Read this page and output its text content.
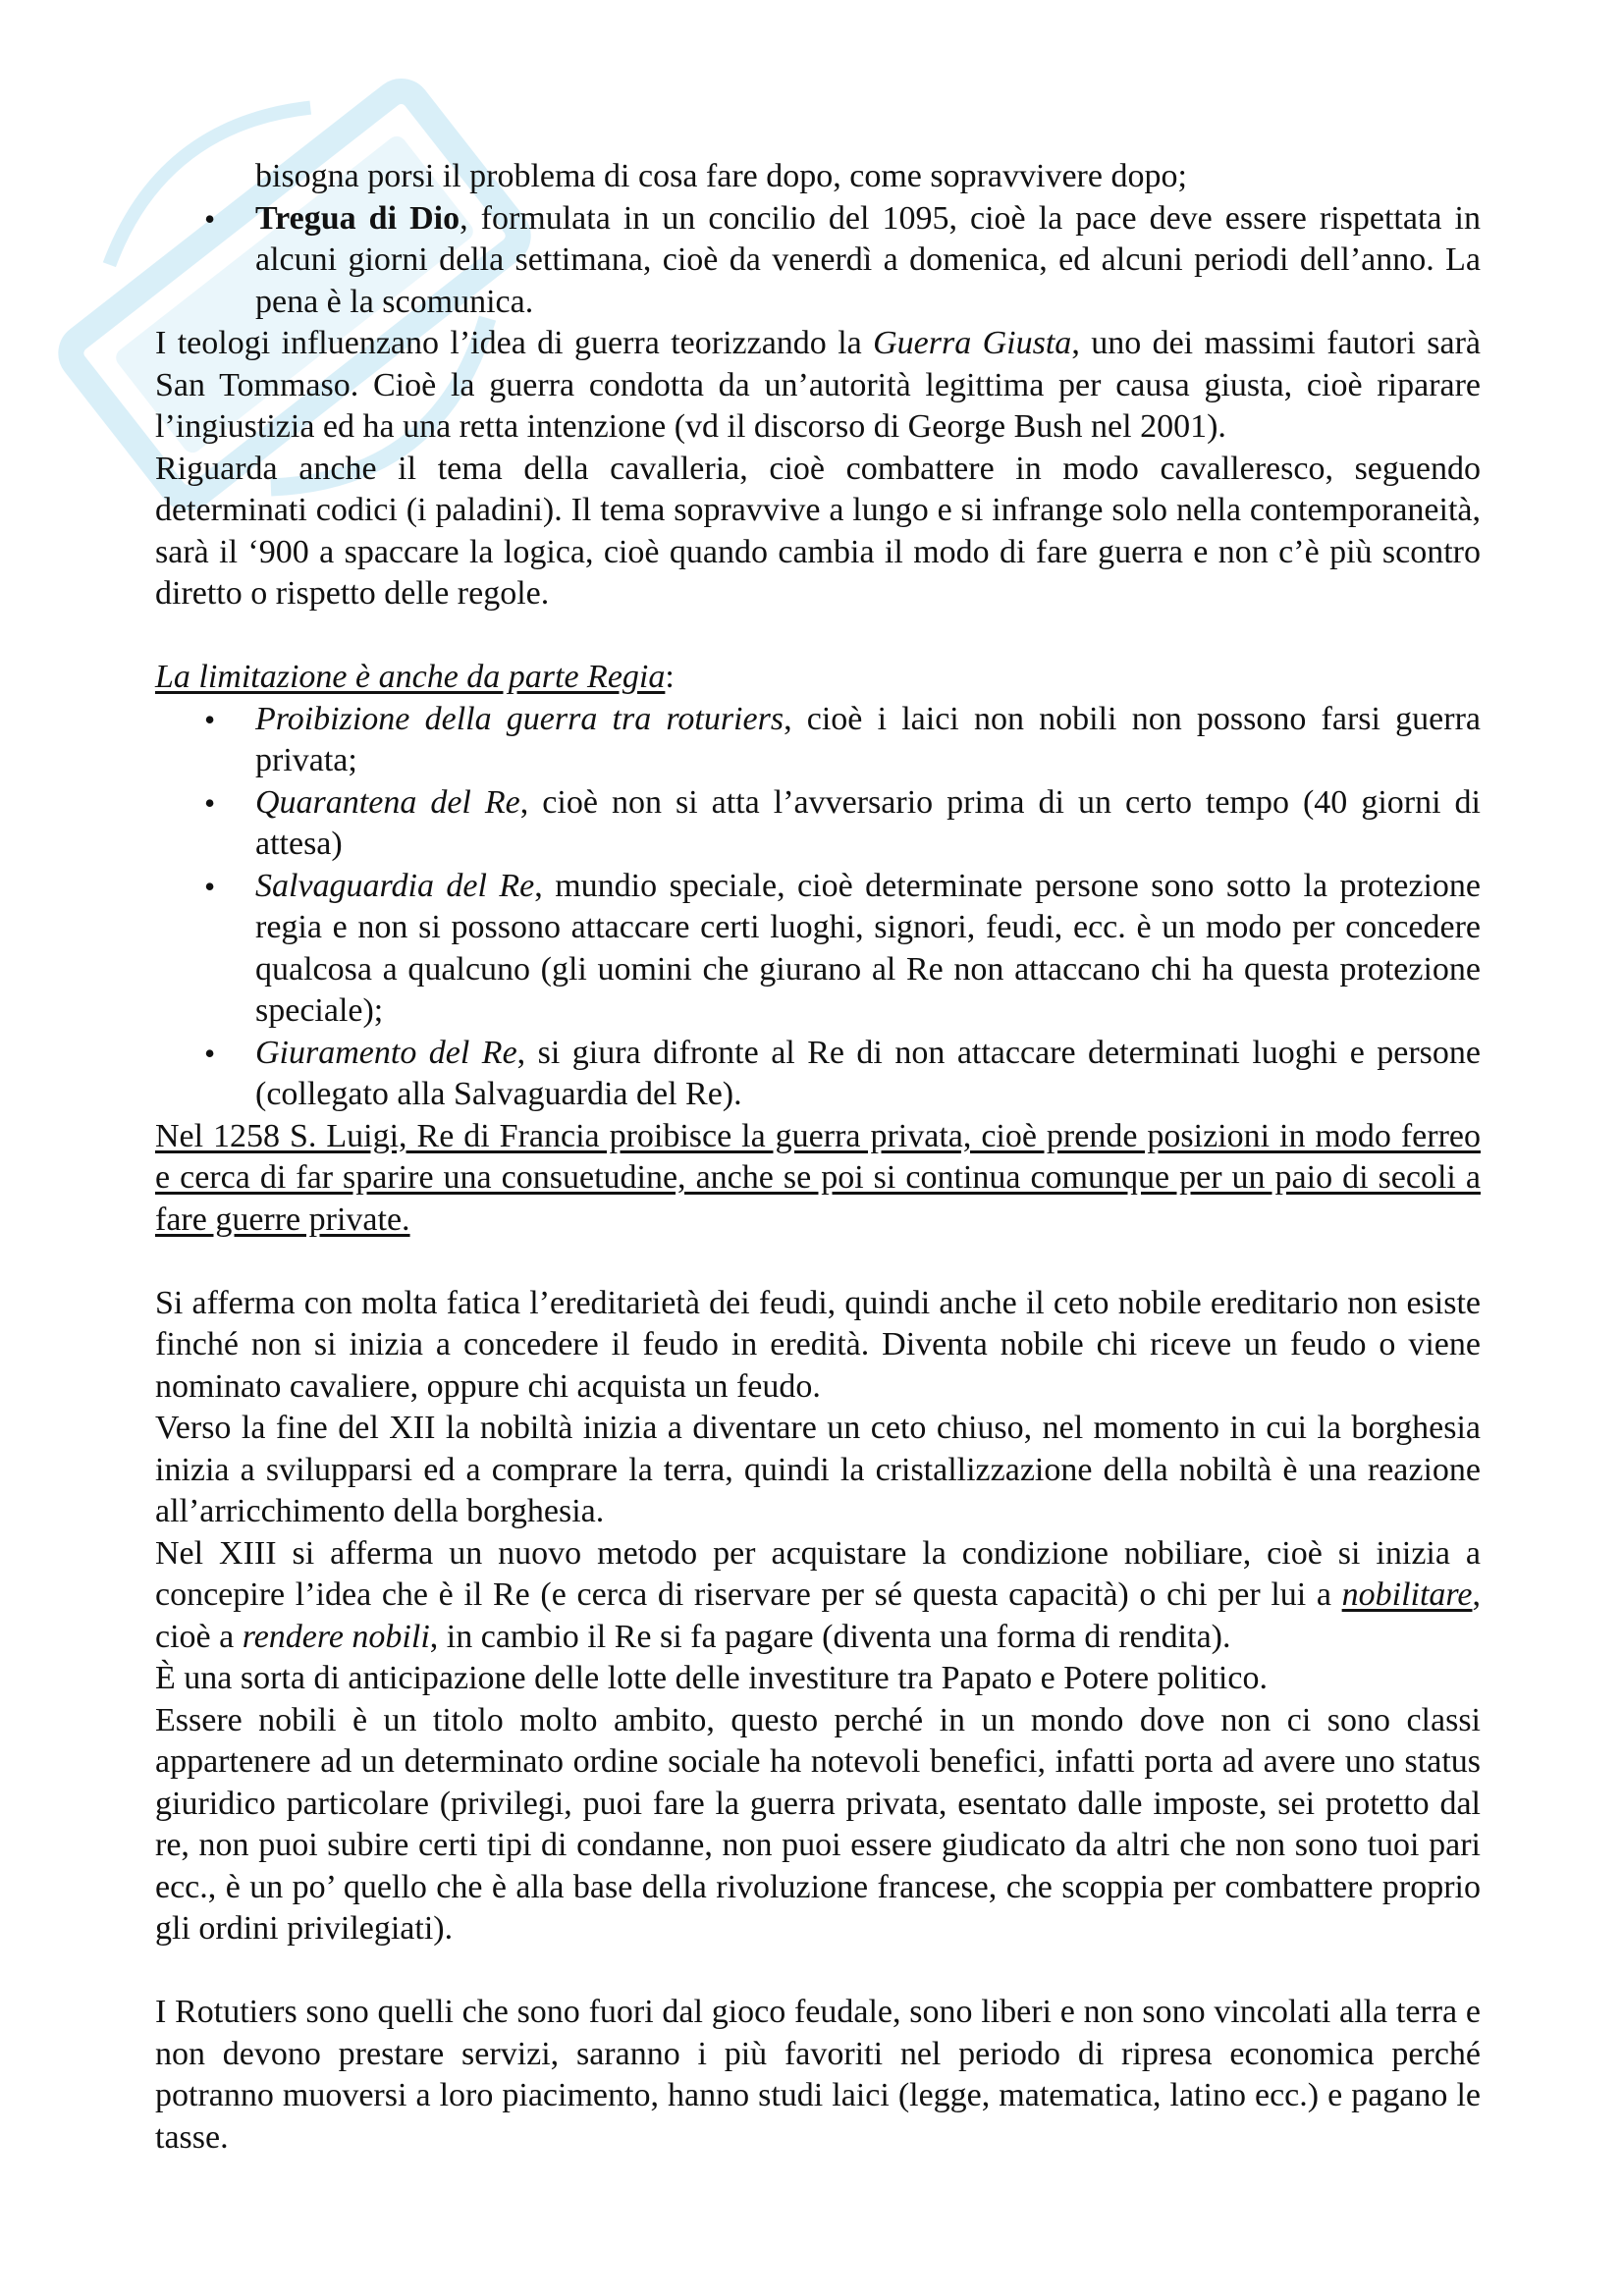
bisogna porsi il problema di cosa fare dopo, come sopravvivere dopo;

• Tregua di Dio, formulata in un concilio del 1095, cioè la pace deve essere rispettata in alcuni giorni della settimana, cioè da venerdì a domenica, ed alcuni periodi dell’anno. La pena è la scomunica.

I teologi influenzano l’idea di guerra teorizzando la Guerra Giusta, uno dei massimi fautori sarà San Tommaso. Cioè la guerra condotta da un’autorità legittima per causa giusta, cioè riparare l’ingiustizia ed ha una retta intenzione (vd il discorso di George Bush nel 2001).

Riguarda anche il tema della cavalleria, cioè combattere in modo cavalleresco, seguendo determinati codici (i paladini). Il tema sopravvive a lungo e si infrange solo nella contemporaneità, sarà il ‘900 a spaccare la logica, cioè quando cambia il modo di fare guerra e non c’è più scontro diretto o rispetto delle regole.

La limitazione è anche da parte Regia:

• Proibizione della guerra tra roturiers, cioè i laici non nobili non possono farsi guerra privata;
• Quarantena del Re, cioè non si atta l’avversario prima di un certo tempo (40 giorni di attesa)
• Salvaguardia del Re, mundio speciale, cioè determinate persone sono sotto la protezione regia e non si possono attaccare certi luoghi, signori, feudi, ecc. è un modo per concedere qualcosa a qualcuno (gli uomini che giurano al Re non attaccano chi ha questa protezione speciale);
• Giuramento del Re, si giura difronte al Re di non attaccare determinati luoghi e persone (collegato alla Salvaguardia del Re).

Nel 1258 S. Luigi, Re di Francia proibisce la guerra privata, cioè prende posizioni in modo ferreo e cerca di far sparire una consuetudine, anche se poi si continua comunque per un paio di secoli a fare guerre private.

Si afferma con molta fatica l’ereditarietà dei feudi, quindi anche il ceto nobile ereditario non esiste finché non si inizia a concedere il feudo in eredità. Diventa nobile chi riceve un feudo o viene nominato cavaliere, oppure chi acquista un feudo.

Verso la fine del XII la nobiltà inizia a diventare un ceto chiuso, nel momento in cui la borghesia inizia a svilupparsi ed a comprare la terra, quindi la cristallizzazione della nobiltà è una reazione all’arricchimento della borghesia.

Nel XIII si afferma un nuovo metodo per acquistare la condizione nobiliare, cioè si inizia a concepire l’idea che è il Re (e cerca di riservare per sé questa capacità) o chi per lui a nobilitare, cioè a rendere nobili, in cambio il Re si fa pagare (diventa una forma di rendita).

È una sorta di anticipazione delle lotte delle investiture tra Papato e Potere politico.

Essere nobili è un titolo molto ambito, questo perché in un mondo dove non ci sono classi appartenere ad un determinato ordine sociale ha notevoli benefici, infatti porta ad avere uno status giuridico particolare (privilegi, puoi fare la guerra privata, esentato dalle imposte, sei protetto dal re, non puoi subire certi tipi di condanne, non puoi essere giudicato da altri che non sono tuoi pari ecc., è un po’ quello che è alla base della rivoluzione francese, che scoppia per combattere proprio gli ordini privilegiati).

I Rotutiers sono quelli che sono fuori dal gioco feudale, sono liberi e non sono vincolati alla terra e non devono prestare servizi, saranno i più favoriti nel periodo di ripresa economica perché potranno muoversi a loro piacimento, hanno studi laici (legge, matematica, latino ecc.) e pagano le tasse.
